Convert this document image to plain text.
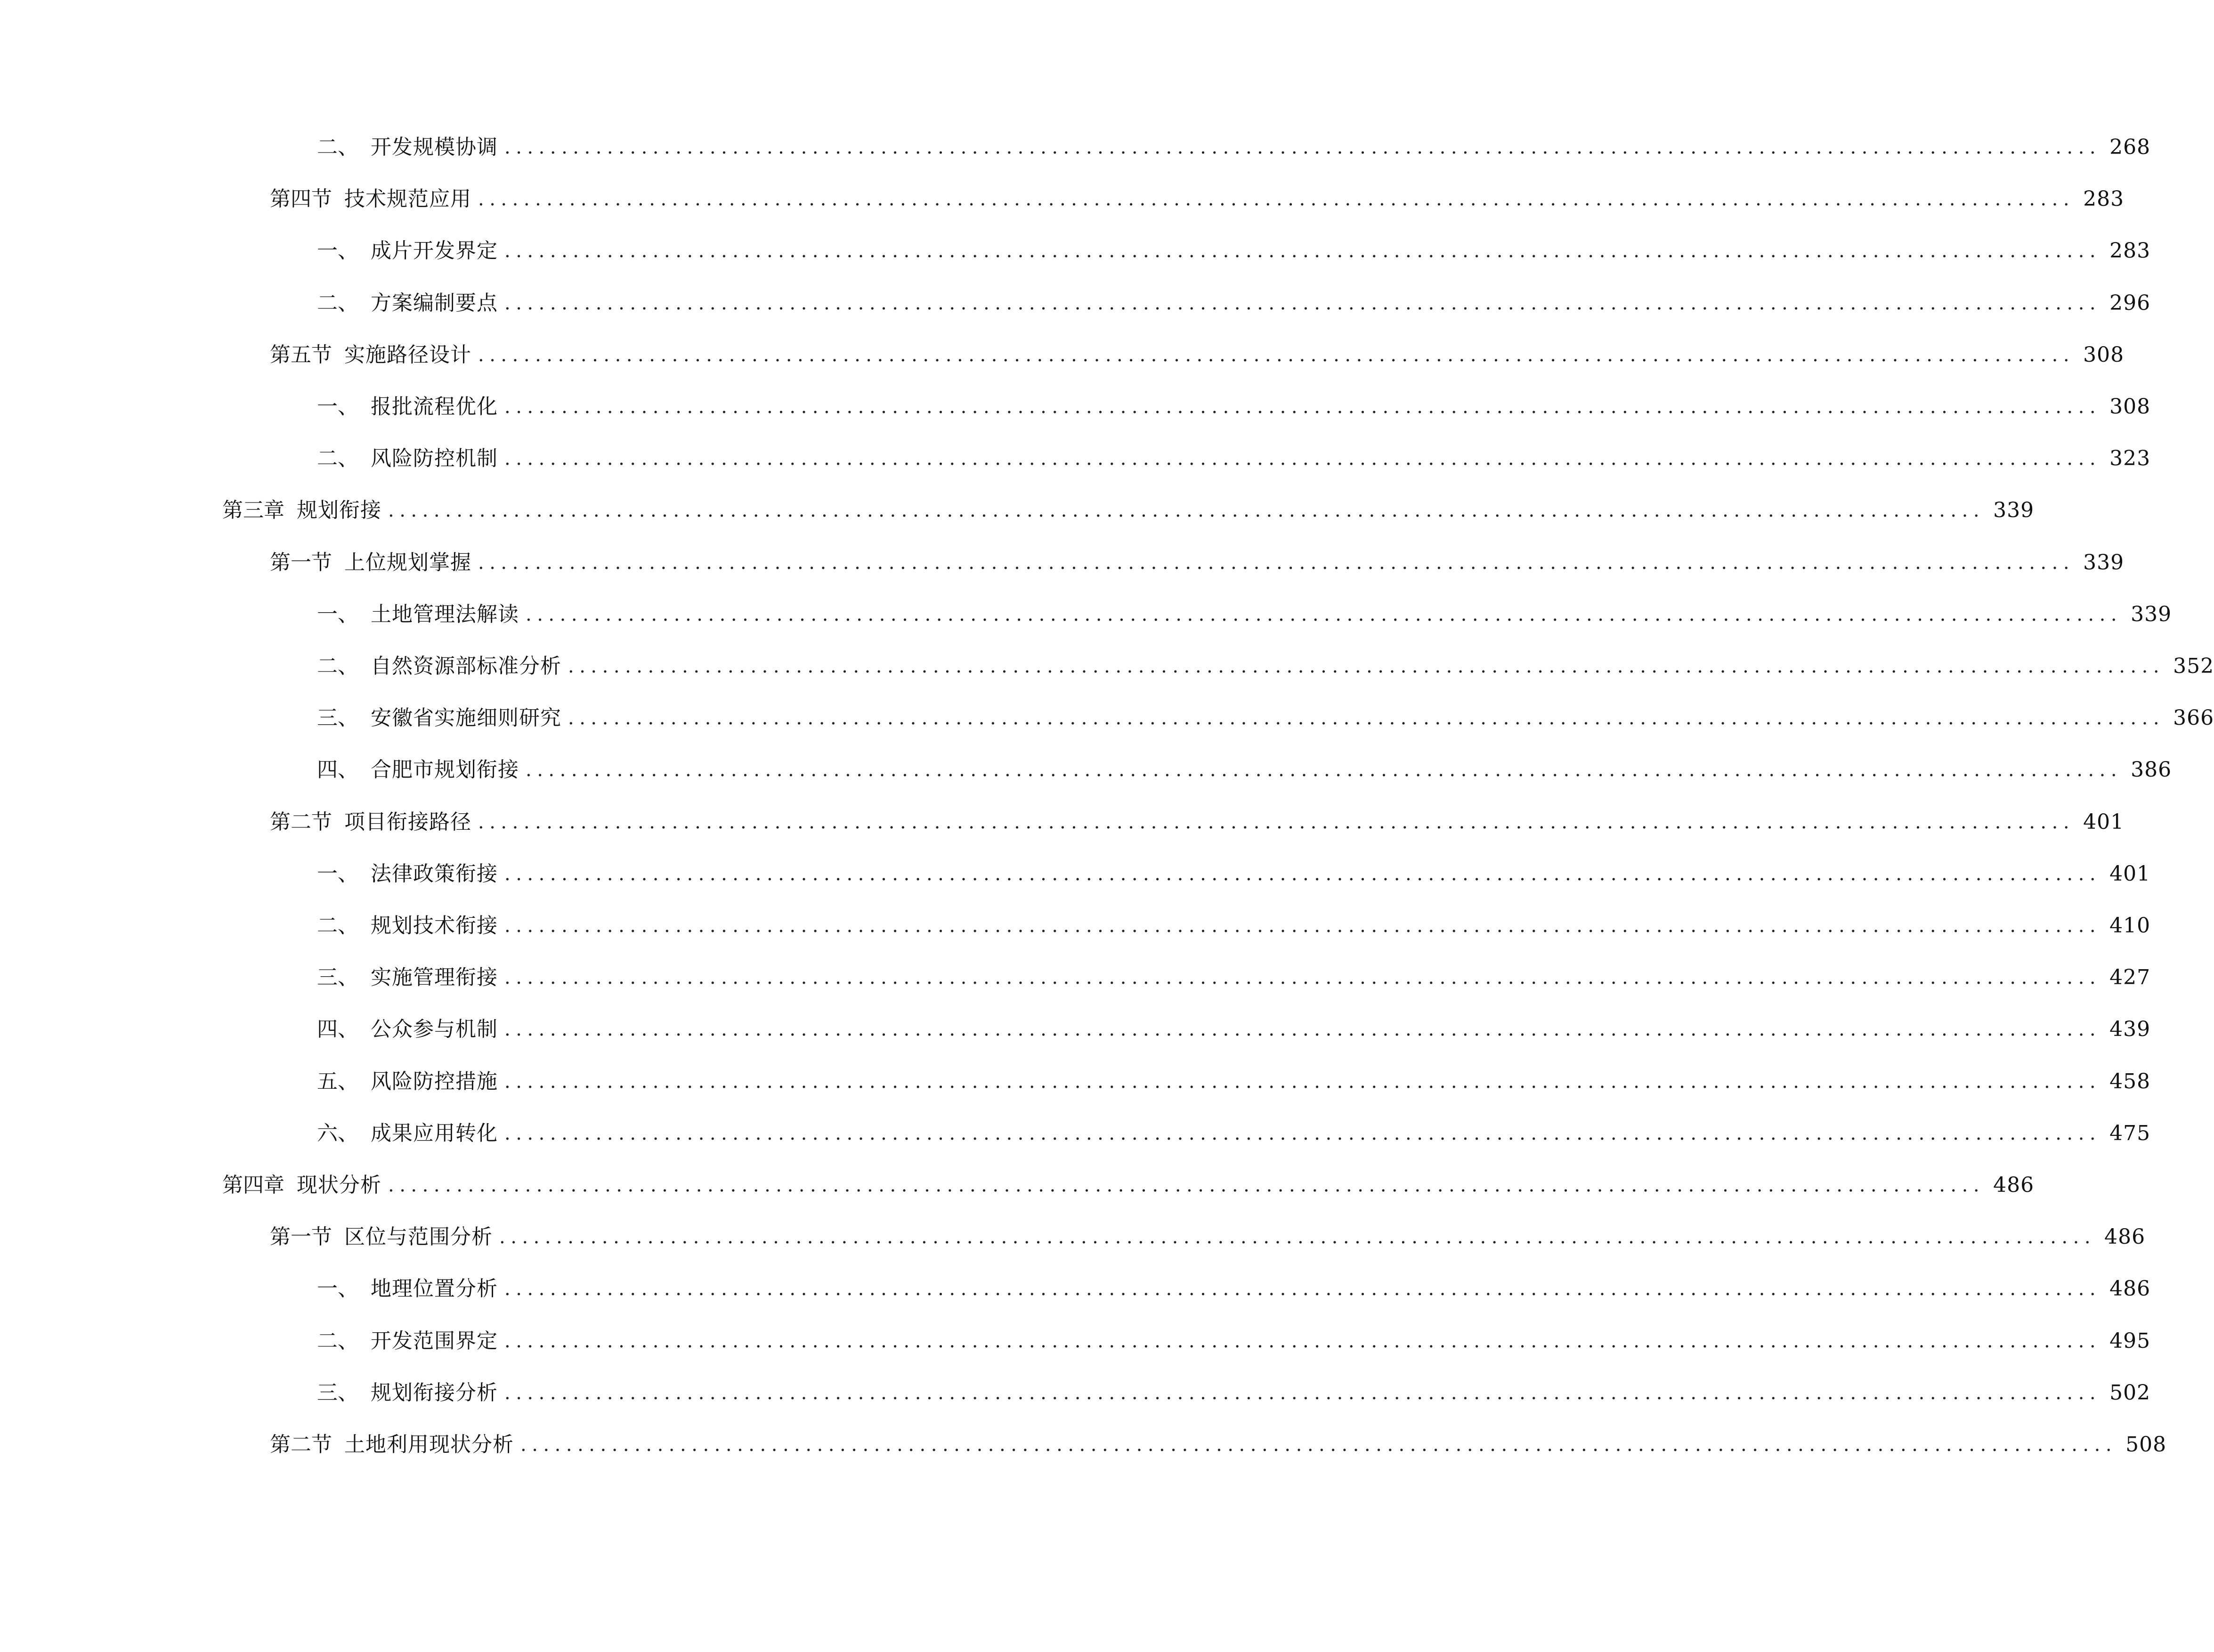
二、 开发规模协调 ............................................................................................................................................ 268
第四节 技术规范应用 ............................................................................................................................................ 283
一、 成片开发界定 ............................................................................................................................................ 283
二、 方案编制要点 ............................................................................................................................................ 296
第五节 实施路径设计 ............................................................................................................................................ 308
一、 报批流程优化 ............................................................................................................................................ 308
二、 风险防控机制 ............................................................................................................................................ 323
第三章 规划衔接 ............................................................................................................................................ 339
第一节 上位规划掌握 ............................................................................................................................................ 339
一、 土地管理法解读 ............................................................................................................................................ 339
二、 自然资源部标准分析 ............................................................................................................................................ 352
三、 安徽省实施细则研究 ............................................................................................................................................ 366
四、 合肥市规划衔接 ............................................................................................................................................ 386
第二节 项目衔接路径 ............................................................................................................................................ 401
一、 法律政策衔接 ............................................................................................................................................ 401
二、 规划技术衔接 ............................................................................................................................................ 410
三、 实施管理衔接 ............................................................................................................................................ 427
四、 公众参与机制 ............................................................................................................................................ 439
五、 风险防控措施 ............................................................................................................................................ 458
六、 成果应用转化 ............................................................................................................................................ 475
第四章 现状分析 ............................................................................................................................................ 486
第一节 区位与范围分析 ............................................................................................................................................ 486
一、 地理位置分析 ............................................................................................................................................ 486
二、 开发范围界定 ............................................................................................................................................ 495
三、 规划衔接分析 ............................................................................................................................................ 502
第二节 土地利用现状分析 ............................................................................................................................................ 508
